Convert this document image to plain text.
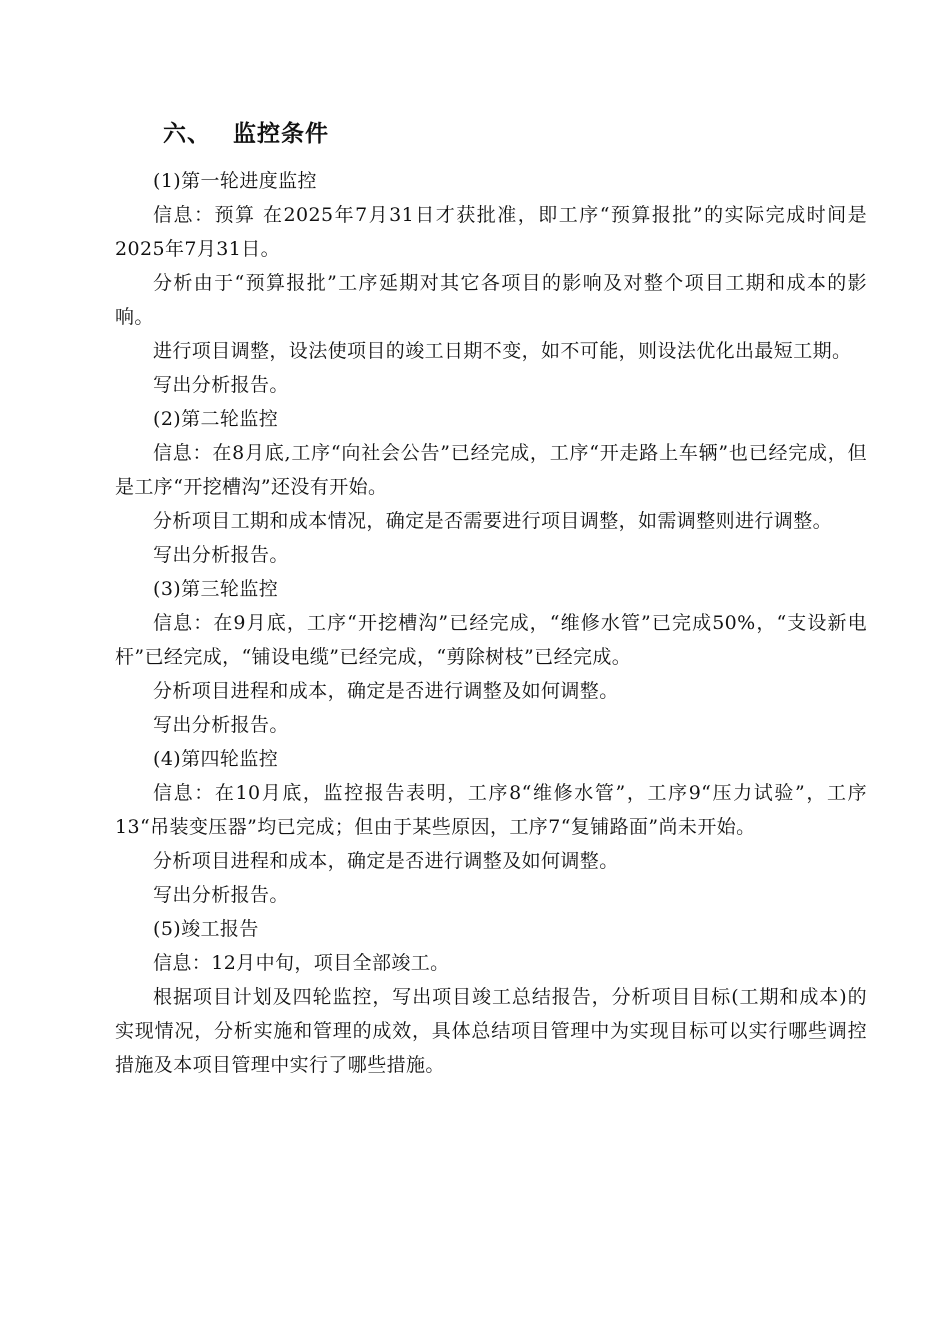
六、 监控条件

(1)第一轮进度监控

信息：预算 在2025年7月31日才获批准，即工序“预算报批”的实际完成时间是2025年7月31日。

分析由于“预算报批”工序延期对其它各项目的影响及对整个项目工期和成本的影响。

进行项目调整，设法使项目的竣工日期不变，如不可能，则设法优化出最短工期。

写出分析报告。

(2)第二轮监控

信息：在8月底,工序“向社会公告”已经完成，工序“开走路上车辆”也已经完成，但是工序“开挖槽沟”还没有开始。

分析项目工期和成本情况，确定是否需要进行项目调整，如需调整则进行调整。

写出分析报告。

(3)第三轮监控

信息：在9月底，工序“开挖槽沟”已经完成，“维修水管”已完成50%，“支设新电杆”已经完成，“铺设电缆”已经完成，“剪除树枝”已经完成。

分析项目进程和成本，确定是否进行调整及如何调整。

写出分析报告。

(4)第四轮监控

信息：在10月底，监控报告表明，工序8“维修水管”，工序9“压力试验”，工序13“吊装变压器”均已完成；但由于某些原因，工序7“复铺路面”尚未开始。

分析项目进程和成本，确定是否进行调整及如何调整。

写出分析报告。

(5)竣工报告

信息：12月中旬，项目全部竣工。

根据项目计划及四轮监控，写出项目竣工总结报告，分析项目目标(工期和成本)的实现情况，分析实施和管理的成效，具体总结项目管理中为实现目标可以实行哪些调控措施及本项目管理中实行了哪些措施。
